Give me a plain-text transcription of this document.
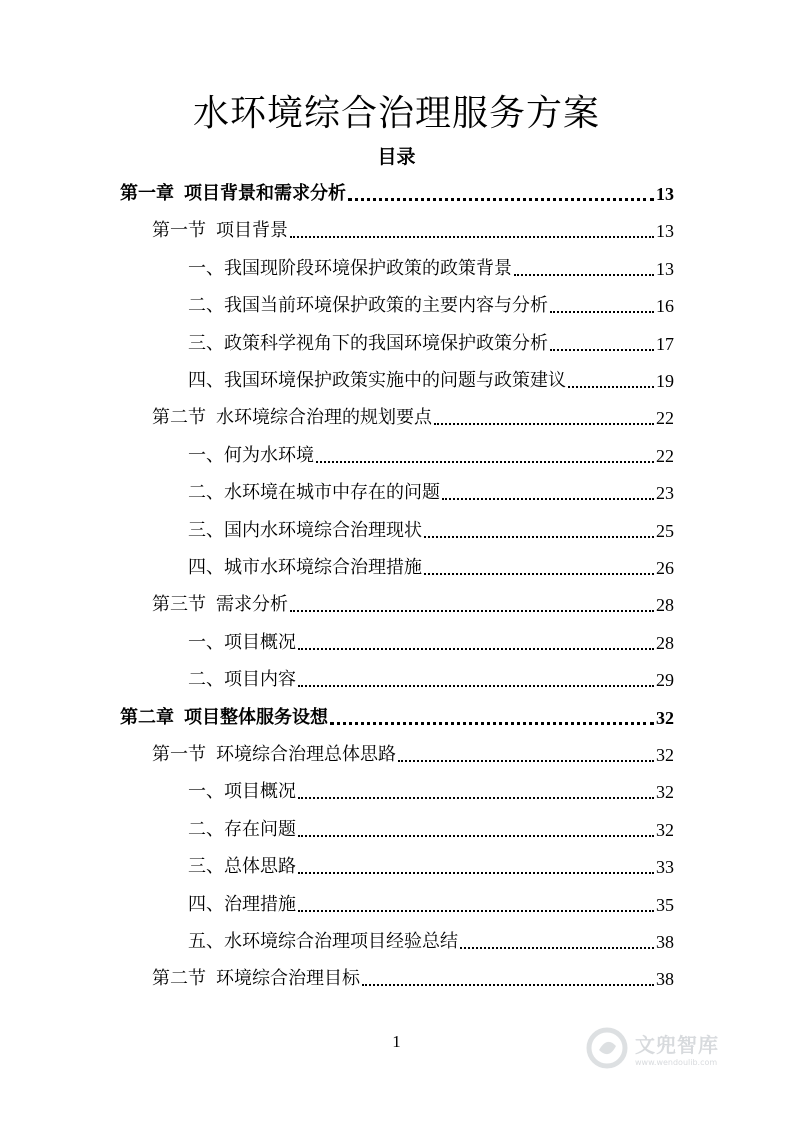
水环境综合治理服务方案
目录
第一章 项目背景和需求分析	13
第一节 项目背景	13
一、我国现阶段环境保护政策的政策背景	13
二、我国当前环境保护政策的主要内容与分析	16
三、政策科学视角下的我国环境保护政策分析	17
四、我国环境保护政策实施中的问题与政策建议	19
第二节 水环境综合治理的规划要点	22
一、何为水环境	22
二、水环境在城市中存在的问题	23
三、国内水环境综合治理现状	25
四、城市水环境综合治理措施	26
第三节 需求分析	28
一、项目概况	28
二、项目内容	29
第二章 项目整体服务设想	32
第一节 环境综合治理总体思路	32
一、项目概况	32
二、存在问题	32
三、总体思路	33
四、治理措施	35
五、水环境综合治理项目经验总结	38
第二节 环境综合治理目标	38
1	文兜智库
www.wendoulib.com
